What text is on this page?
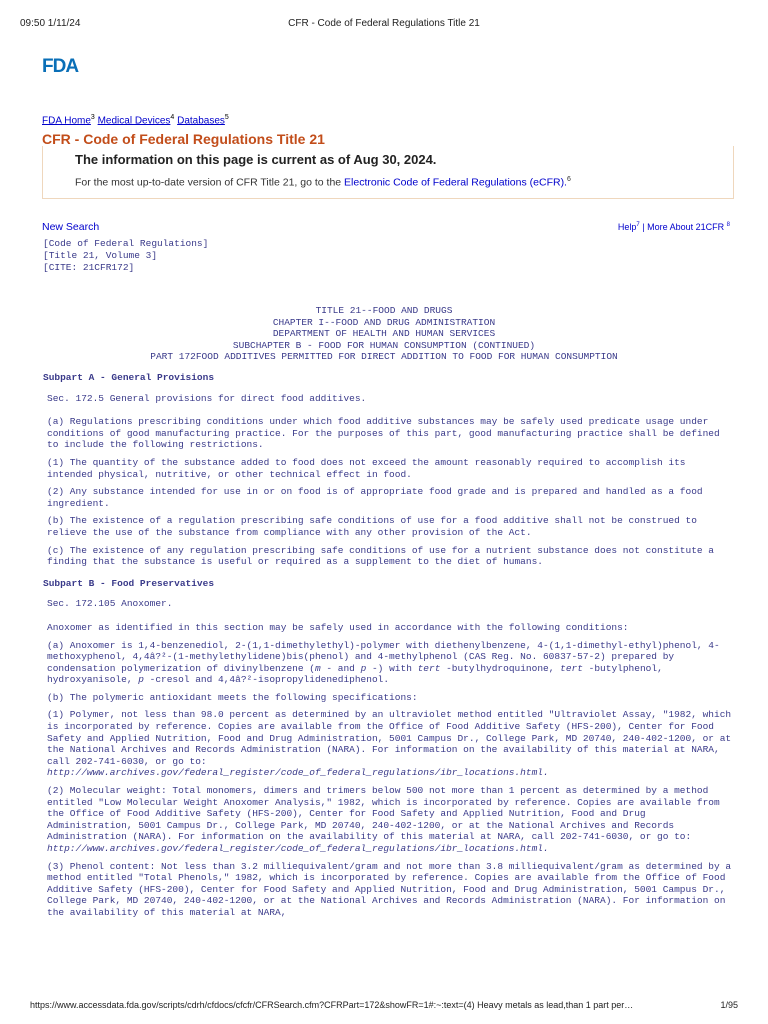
09:50 1/11/24	CFR - Code of Federal Regulations Title 21
FDA
FDA Home$^3$ Medical Devices$^4$ Databases$^5$
CFR - Code of Federal Regulations Title 21
The information on this page is current as of Aug 30, 2024.
For the most up-to-date version of CFR Title 21, go to the Electronic Code of Federal Regulations (eCFR).$^6$
New Search	Help$^7$ | More About 21CFR $^8$
[Code of Federal Regulations]
[Title 21, Volume 3]
[CITE: 21CFR172]
TITLE 21--FOOD AND DRUGS
CHAPTER I--FOOD AND DRUG ADMINISTRATION
DEPARTMENT OF HEALTH AND HUMAN SERVICES
SUBCHAPTER B - FOOD FOR HUMAN CONSUMPTION (CONTINUED)
PART 172FOOD ADDITIVES PERMITTED FOR DIRECT ADDITION TO FOOD FOR HUMAN CONSUMPTION
Subpart A - General Provisions

Sec. 172.5 General provisions for direct food additives.

(a) Regulations prescribing conditions under which food additive substances may be safely used predicate usage under conditions of good manufacturing practice. For the purposes of this part, good manufacturing practice shall be defined to include the following restrictions.

(1) The quantity of the substance added to food does not exceed the amount reasonably required to accomplish its intended physical, nutritive, or other technical effect in food.

(2) Any substance intended for use in or on food is of appropriate food grade and is prepared and handled as a food ingredient.

(b) The existence of a regulation prescribing safe conditions of use for a food additive shall not be construed to relieve the use of the substance from compliance with any other provision of the Act.

(c) The existence of any regulation prescribing safe conditions of use for a nutrient substance does not constitute a finding that the substance is useful or required as a supplement to the diet of humans.

Subpart B - Food Preservatives

Sec. 172.105 Anoxomer.

Anoxomer as identified in this section may be safely used in accordance with the following conditions:

(a) Anoxomer is 1,4-benzenediol, 2-(1,1-dimethylethyl)-polymer with diethenylbenzene, 4-(1,1-dimethyl-ethyl)phenol, 4- methoxyphenol, 4,4â?²-(1-methylethylidene)bis(phenol) and 4-methylphenol (CAS Reg. No. 60837-57-2) prepared by condensation polymerization of divinylbenzene (m - and p -) with tert -butylhydroquinone, tert -butylphenol, hydroxyanisole, p -cresol and 4,4â?²-isopropylidenediphenol.

(b) The polymeric antioxidant meets the following specifications:

(1) Polymer, not less than 98.0 percent as determined by an ultraviolet method entitled "Ultraviolet Assay, "1982, which is incorporated by reference. Copies are available from the Office of Food Additive Safety (HFS-200), Center for Food Safety and Applied Nutrition, Food and Drug Administration, 5001 Campus Dr., College Park, MD 20740, 240-402-1200, or at the National Archives and Records Administration (NARA). For information on the availability of this material at NARA, call 202-741-6030, or go to:
http://www.archives.gov/federal_register/code_of_federal_regulations/ibr_locations.html.

(2) Molecular weight: Total monomers, dimers and trimers below 500 not more than 1 percent as determined by a method entitled "Low Molecular Weight Anoxomer Analysis," 1982, which is incorporated by reference. Copies are available from the Office of Food Additive Safety (HFS-200), Center for Food Safety and Applied Nutrition, Food and Drug Administration, 5001 Campus Dr., College Park, MD 20740, 240-402-1200, or at the National Archives and Records Administration (NARA). For information on the availability of this material at NARA, call 202-741-6030, or go to:
http://www.archives.gov/federal_register/code_of_federal_regulations/ibr_locations.html.

(3) Phenol content: Not less than 3.2 milliequivalent/gram and not more than 3.8 milliequivalent/gram as determined by a method entitled "Total Phenols," 1982, which is incorporated by reference. Copies are available from the Office of Food Additive Safety (HFS-200), Center for Food Safety and Applied Nutrition, Food and Drug Administration, 5001 Campus Dr., College Park, MD 20740, 240-402-1200, or at the National Archives and Records Administration (NARA). For information on the availability of this material at NARA,

https://www.accessdata.fda.gov/scripts/cdrh/cfdocs/cfcfr/CFRSearch.cfm?CFRPart=172&showFR=1#:~:text=(4) Heavy metals as lead,than 1 part per…	1/95
